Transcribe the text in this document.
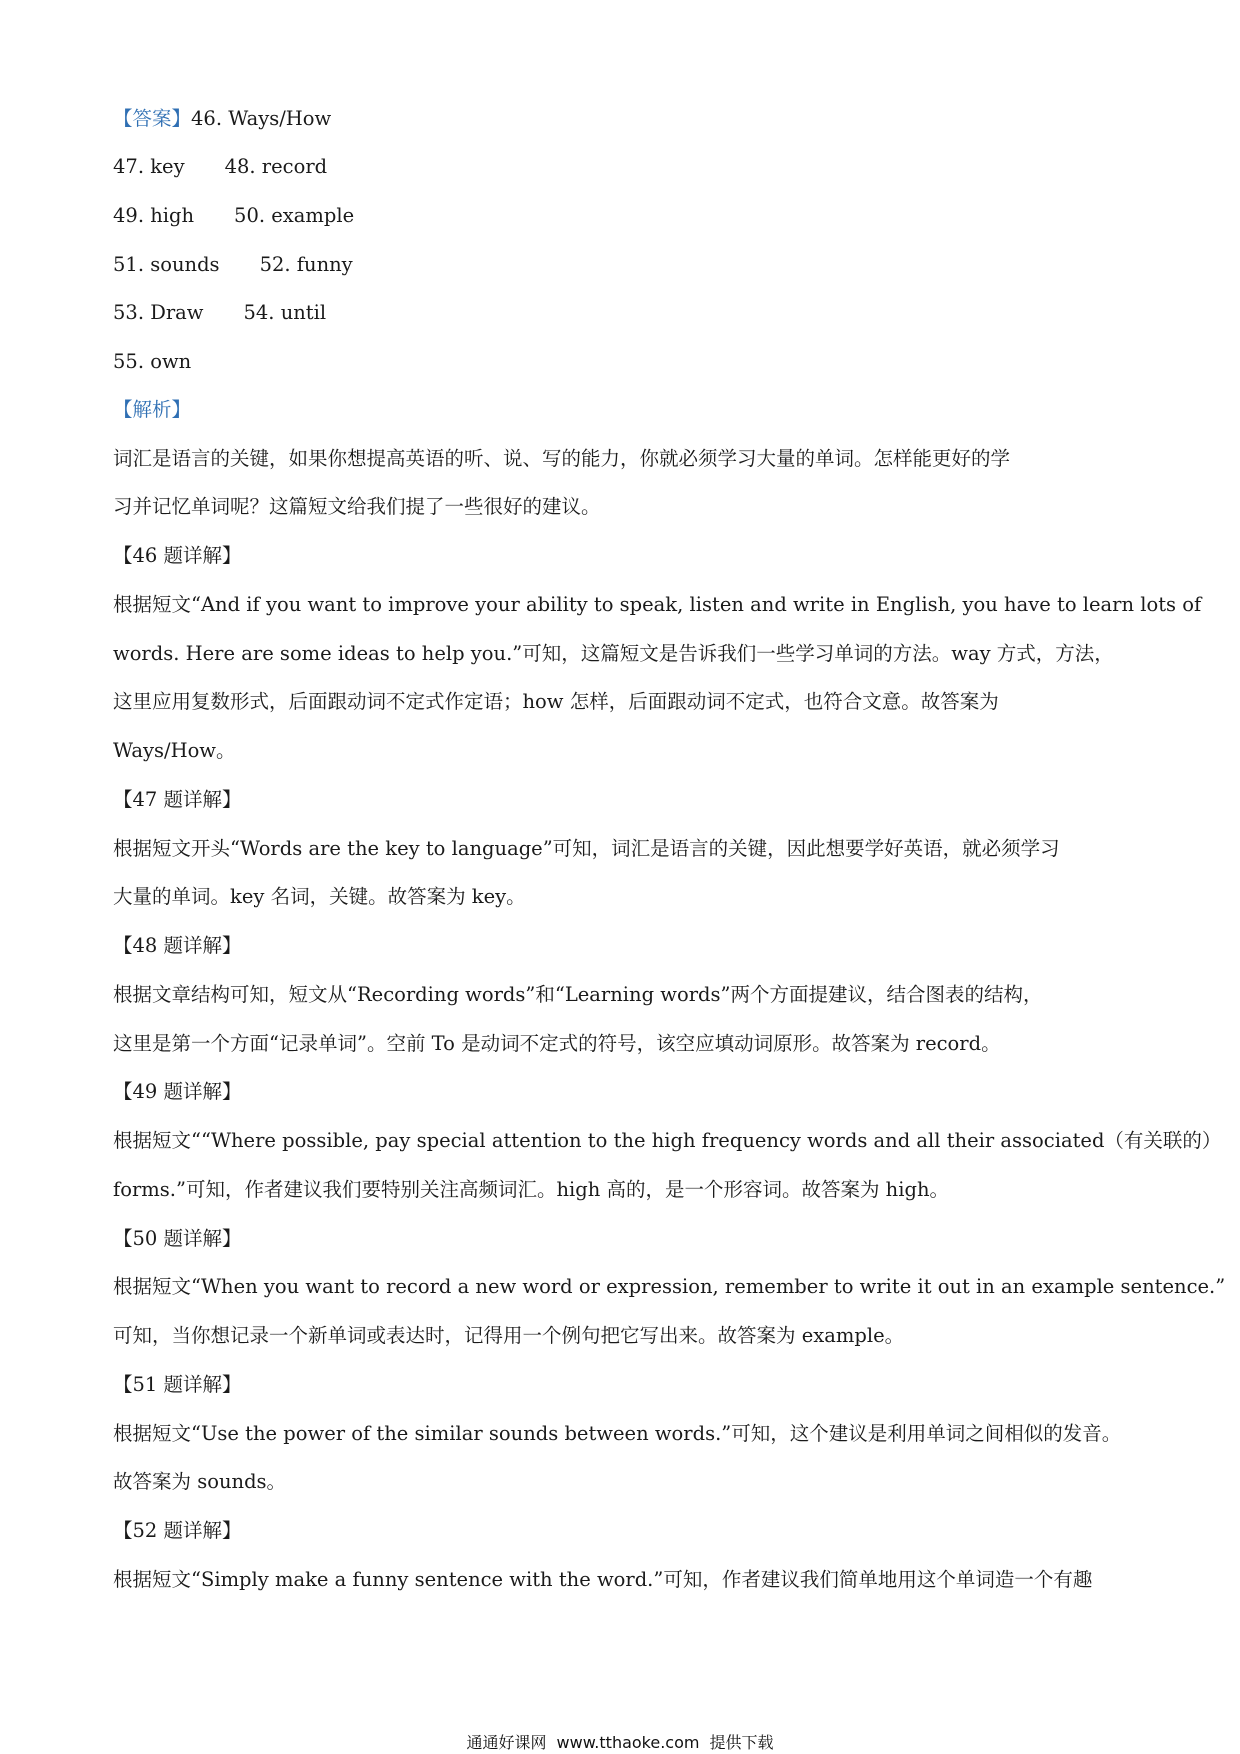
【答案】46. Ways/How
47. key 48. record
49. high 50. example
51. sounds 52. funny
53. Draw 54. until
55. own
【解析】
词汇是语言的关键，如果你想提高英语的听、说、写的能力，你就必须学习大量的单词。怎样能更好的学
习并记忆单词呢？这篇短文给我们提了一些很好的建议。
【46 题详解】
根据短文“And if you want to improve your ability to speak, listen and write in English, you have to learn lots of
words. Here are some ideas to help you.”可知，这篇短文是告诉我们一些学习单词的方法。way 方式，方法，
这里应用复数形式，后面跟动词不定式作定语；how 怎样，后面跟动词不定式，也符合文意。故答案为
Ways/How。
【47 题详解】
根据短文开头“Words are the key to language”可知，词汇是语言的关键，因此想要学好英语，就必须学习
大量的单词。key 名词，关键。故答案为 key。
【48 题详解】
根据文章结构可知，短文从“Recording words”和“Learning words”两个方面提建议，结合图表的结构，
这里是第一个方面“记录单词”。空前 To 是动词不定式的符号，该空应填动词原形。故答案为 record。
【49 题详解】
根据短文““Where possible, pay special attention to the high frequency words and all their associated（有关联的）
forms.”可知，作者建议我们要特别关注高频词汇。high 高的，是一个形容词。故答案为 high。
【50 题详解】
根据短文“When you want to record a new word or expression, remember to write it out in an example sentence.”
可知，当你想记录一个新单词或表达时，记得用一个例句把它写出来。故答案为 example。
【51 题详解】
根据短文“Use the power of the similar sounds between words.”可知，这个建议是利用单词之间相似的发音。
故答案为 sounds。
【52 题详解】
根据短文“Simply make a funny sentence with the word.”可知，作者建议我们简单地用这个单词造一个有趣
通通好课网 www.tthaoke.com 提供下载
